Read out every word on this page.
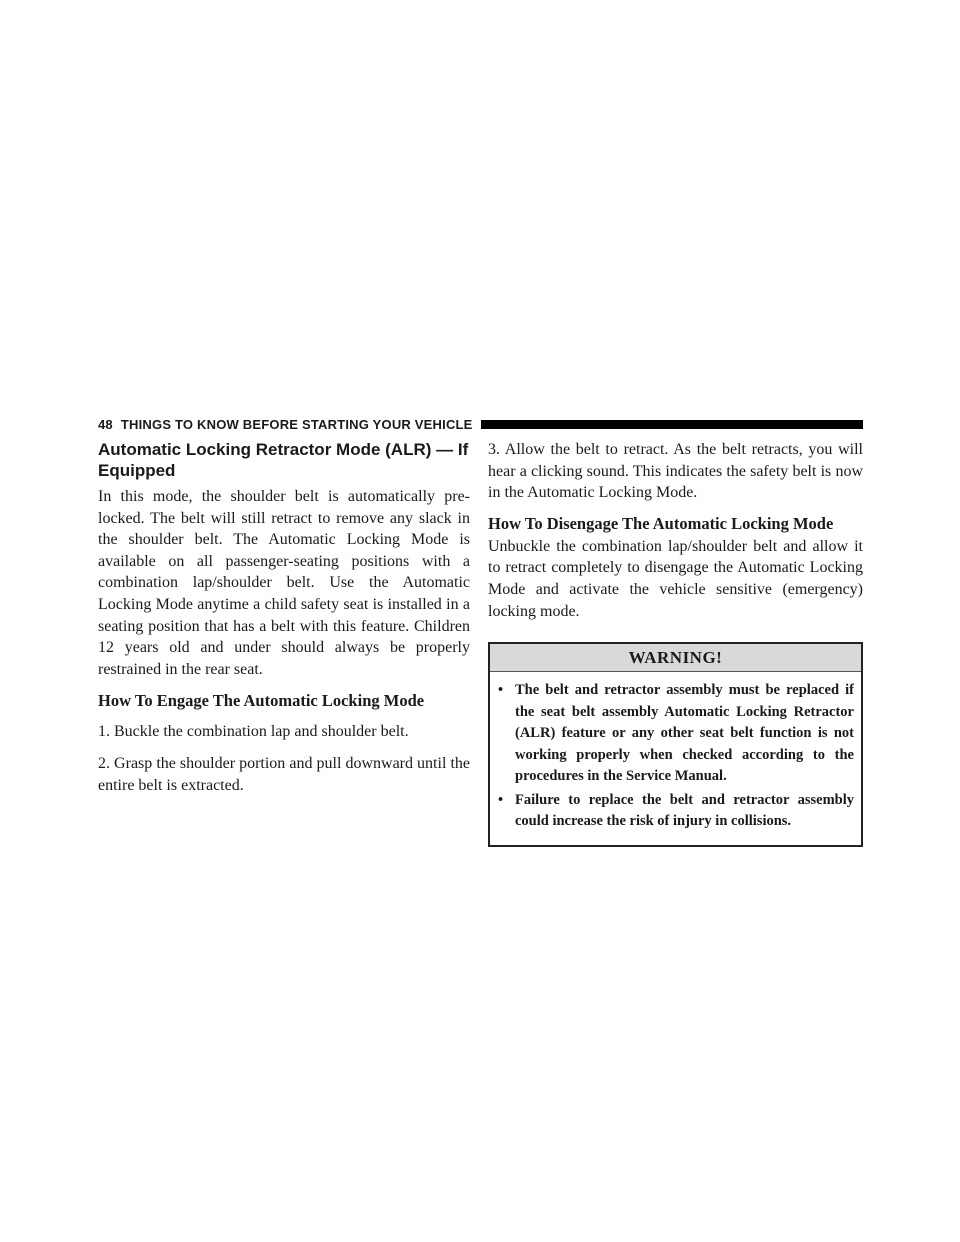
48 THINGS TO KNOW BEFORE STARTING YOUR VEHICLE
Automatic Locking Retractor Mode (ALR) — If Equipped

In this mode, the shoulder belt is automatically pre-locked. The belt will still retract to remove any slack in the shoulder belt. The Automatic Locking Mode is available on all passenger-seating positions with a combination lap/shoulder belt. Use the Automatic Locking Mode anytime a child safety seat is installed in a seating position that has a belt with this feature. Children 12 years old and under should always be properly restrained in the rear seat.

How To Engage The Automatic Locking Mode

1. Buckle the combination lap and shoulder belt.

2. Grasp the shoulder portion and pull downward until the entire belt is extracted.

3. Allow the belt to retract. As the belt retracts, you will hear a clicking sound. This indicates the safety belt is now in the Automatic Locking Mode.

How To Disengage The Automatic Locking Mode

Unbuckle the combination lap/shoulder belt and allow it to retract completely to disengage the Automatic Locking Mode and activate the vehicle sensitive (emergency) locking mode.

WARNING!
• The belt and retractor assembly must be replaced if the seat belt assembly Automatic Locking Retractor (ALR) feature or any other seat belt function is not working properly when checked according to the procedures in the Service Manual.
• Failure to replace the belt and retractor assembly could increase the risk of injury in collisions.
